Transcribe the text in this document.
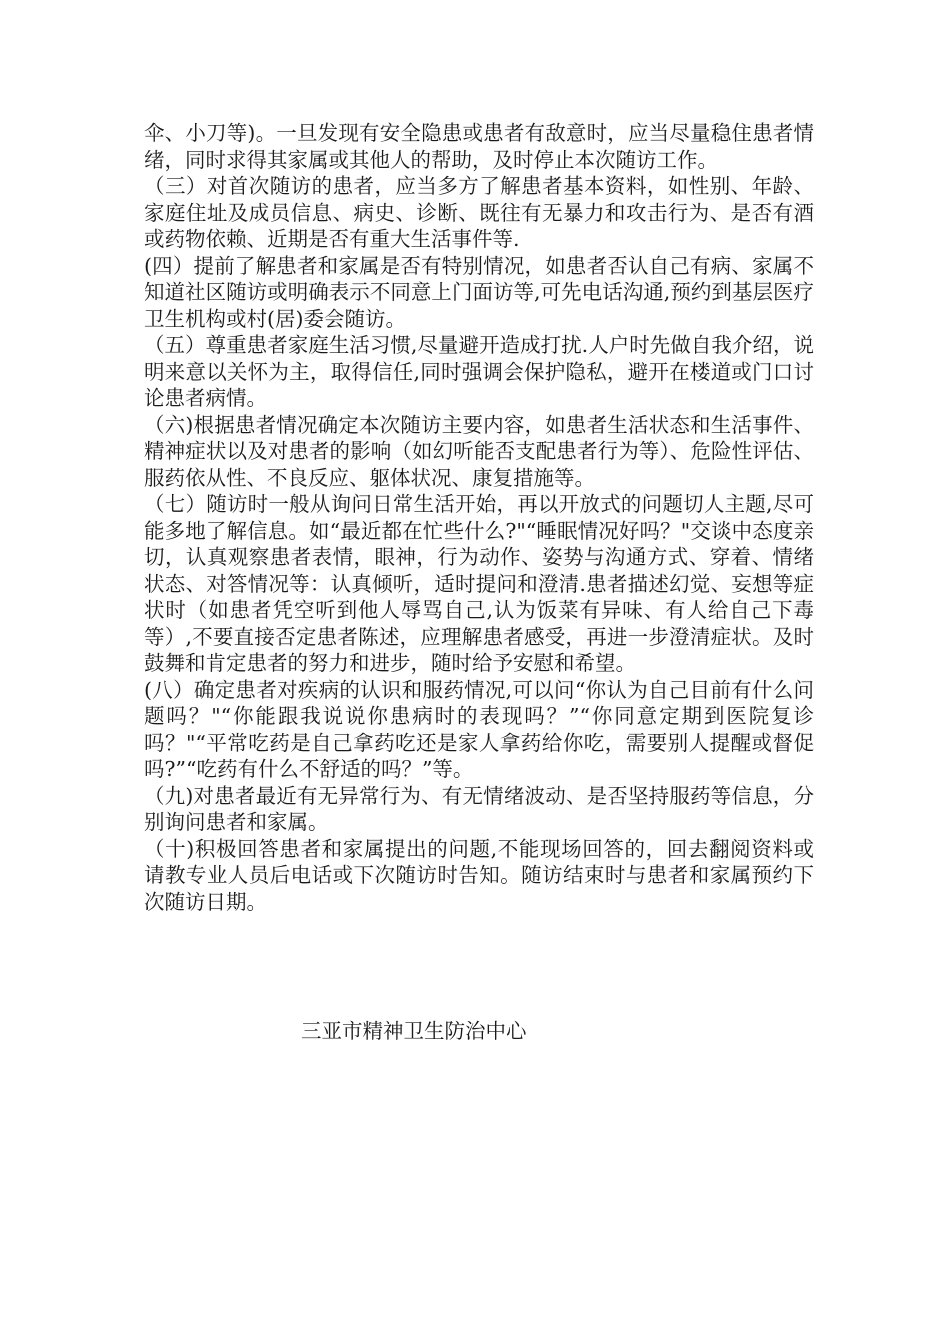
伞、小刀等)。一旦发现有安全隐患或患者有敌意时，应当尽量稳住患者情绪，同时求得其家属或其他人的帮助，及时停止本次随访工作。

（三）对首次随访的患者，应当多方了解患者基本资料，如性别、年龄、家庭住址及成员信息、病史、诊断、既往有无暴力和攻击行为、是否有酒或药物依赖、近期是否有重大生活事件等.

(四）提前了解患者和家属是否有特别情况，如患者否认自己有病、家属不知道社区随访或明确表示不同意上门面访等,可先电话沟通,预约到基层医疗卫生机构或村(居)委会随访。

（五）尊重患者家庭生活习惯,尽量避开造成打扰.人户时先做自我介绍，说明来意以关怀为主，取得信任,同时强调会保护隐私，避开在楼道或门口讨论患者病情。

（六)根据患者情况确定本次随访主要内容，如患者生活状态和生活事件、精神症状以及对患者的影响（如幻听能否支配患者行为等）、危险性评估、服药依从性、不良反应、躯体状况、康复措施等。

（七）随访时一般从询问日常生活开始，再以开放式的问题切人主题,尽可能多地了解信息。如“最近都在忙些什么?"“睡眠情况好吗？"交谈中态度亲切，认真观察患者表情，眼神，行为动作、姿势与沟通方式、穿着、情绪状态、对答情况等：认真倾听，适时提问和澄清.患者描述幻觉、妄想等症状时（如患者凭空听到他人辱骂自己,认为饭菜有异味、有人给自己下毒等）,不要直接否定患者陈述，应理解患者感受，再进一步澄清症状。及时鼓舞和肯定患者的努力和进步，随时给予安慰和希望。

(八）确定患者对疾病的认识和服药情况,可以问“你认为自己目前有什么问题吗？"“你能跟我说说你患病时的表现吗？”“你同意定期到医院复诊吗？"“平常吃药是自己拿药吃还是家人拿药给你吃，需要别人提醒或督促吗?”“吃药有什么不舒适的吗？”等。

（九)对患者最近有无异常行为、有无情绪波动、是否坚持服药等信息，分别询问患者和家属。

（十)积极回答患者和家属提出的问题,不能现场回答的，回去翻阅资料或请教专业人员后电话或下次随访时告知。随访结束时与患者和家属预约下次随访日期。

三亚市精神卫生防治中心
